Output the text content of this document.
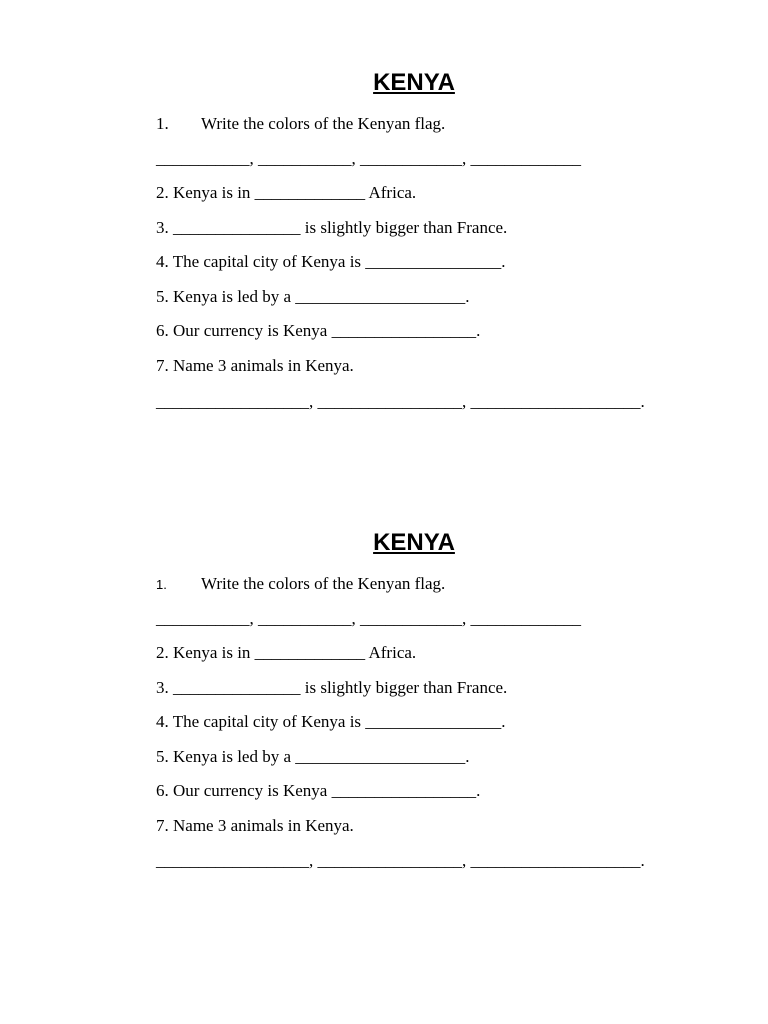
KENYA
1. Write the colors of the Kenyan flag.
___________, ___________, ____________, _____________
2. Kenya is in _____________ Africa.
3. _______________ is slightly bigger than France.
4. The capital city of Kenya is ________________.
5. Kenya is led by a ____________________.
6. Our currency is Kenya _________________.
7. Name 3 animals in Kenya.
__________________, _________________, ____________________.
KENYA
1. Write the colors of the Kenyan flag.
___________, ___________, ____________, _____________
2. Kenya is in _____________ Africa.
3. _______________ is slightly bigger than France.
4. The capital city of Kenya is ________________.
5. Kenya is led by a ____________________.
6. Our currency is Kenya _________________.
7. Name 3 animals in Kenya.
__________________, _________________, ____________________.
